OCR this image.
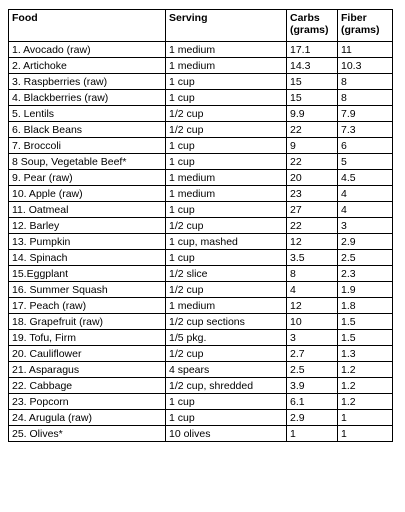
Food	Serving	Carbs (grams)	Fiber (grams)
1. Avocado (raw)	1 medium	17.1	11
2. Artichoke	1 medium	14.3	10.3
3. Raspberries (raw)	1 cup	15	8
4. Blackberries (raw)	1 cup	15	8
5. Lentils	1/2 cup	9.9	7.9
6. Black Beans	1/2 cup	22	7.3
7. Broccoli	1 cup	9	6
8 Soup, Vegetable Beef*	1 cup	22	5
9. Pear (raw)	1 medium	20	4.5
10. Apple (raw)	1 medium	23	4
11. Oatmeal	1 cup	27	4
12. Barley	1/2 cup	22	3
13. Pumpkin	1 cup, mashed	12	2.9
14. Spinach	1 cup	3.5	2.5
15.Eggplant	1/2 slice	8	2.3
16. Summer Squash	1/2 cup	4	1.9
17. Peach (raw)	1 medium	12	1.8
18. Grapefruit (raw)	1/2 cup sections	10	1.5
19. Tofu, Firm	1/5 pkg.	3	1.5
20. Cauliflower	1/2 cup	2.7	1.3
21. Asparagus	4 spears	2.5	1.2
22. Cabbage	1/2 cup, shredded	3.9	1.2
23. Popcorn	1 cup	6.1	1.2
24. Arugula (raw)	1 cup	2.9	1
25. Olives*	10 olives	1	1
